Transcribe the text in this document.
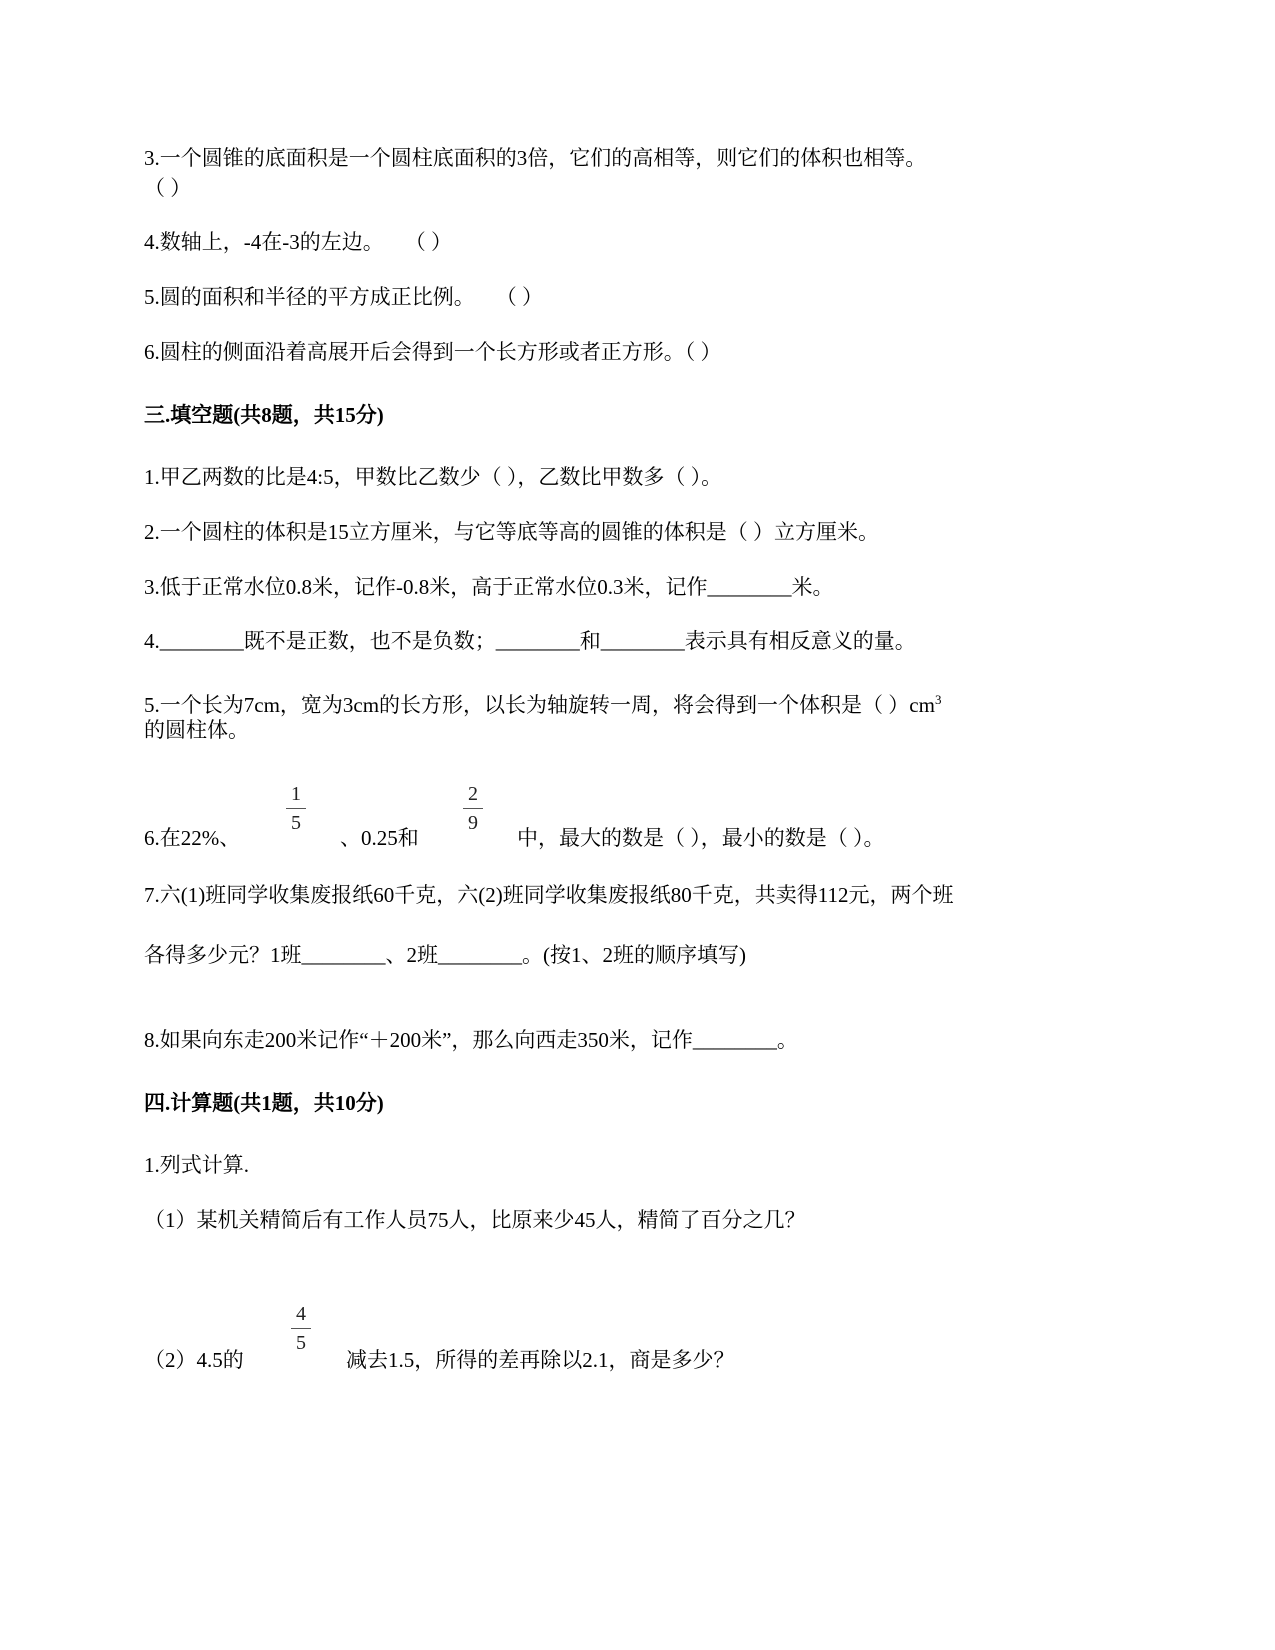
3.一个圆锥的底面积是一个圆柱底面积的3倍，它们的高相等，则它们的体积也相等。
（ ）
4.数轴上，-4在-3的左边。　　（ ）
5.圆的面积和半径的平方成正比例。　　（ ）
6.圆柱的侧面沿着高展开后会得到一个长方形或者正方形。（ ）
三.填空题(共8题，共15分)
1.甲乙两数的比是4:5，甲数比乙数少（ ），乙数比甲数多（ ）。
2.一个圆柱的体积是15立方厘米，与它等底等高的圆锥的体积是（ ）立方厘米。
3.低于正常水位0.8米，记作-0.8米，高于正常水位0.3米，记作________米。
4.________既不是正数，也不是负数；________和________表示具有相反意义的量。
5.一个长为7cm，宽为3cm的长方形，以长为轴旋转一周，将会得到一个体积是（ ）$cm^3$
的圆柱体。
1
5
2
9
6.在22%、	、0.25和	中，最大的数是（ ），最小的数是（ ）。
7.六(1)班同学收集废报纸60千克，六(2)班同学收集废报纸80千克，共卖得112元，两个班
各得多少元？1班________、2班________。(按1、2班的顺序填写)
8.如果向东走200米记作“＋200米”，那么向西走350米，记作________。
四.计算题(共1题，共10分)
1.列式计算.
（1）某机关精简后有工作人员75人，比原来少45人，精简了百分之几？
4
5
（2）4.5的	减去1.5，所得的差再除以2.1，商是多少？
